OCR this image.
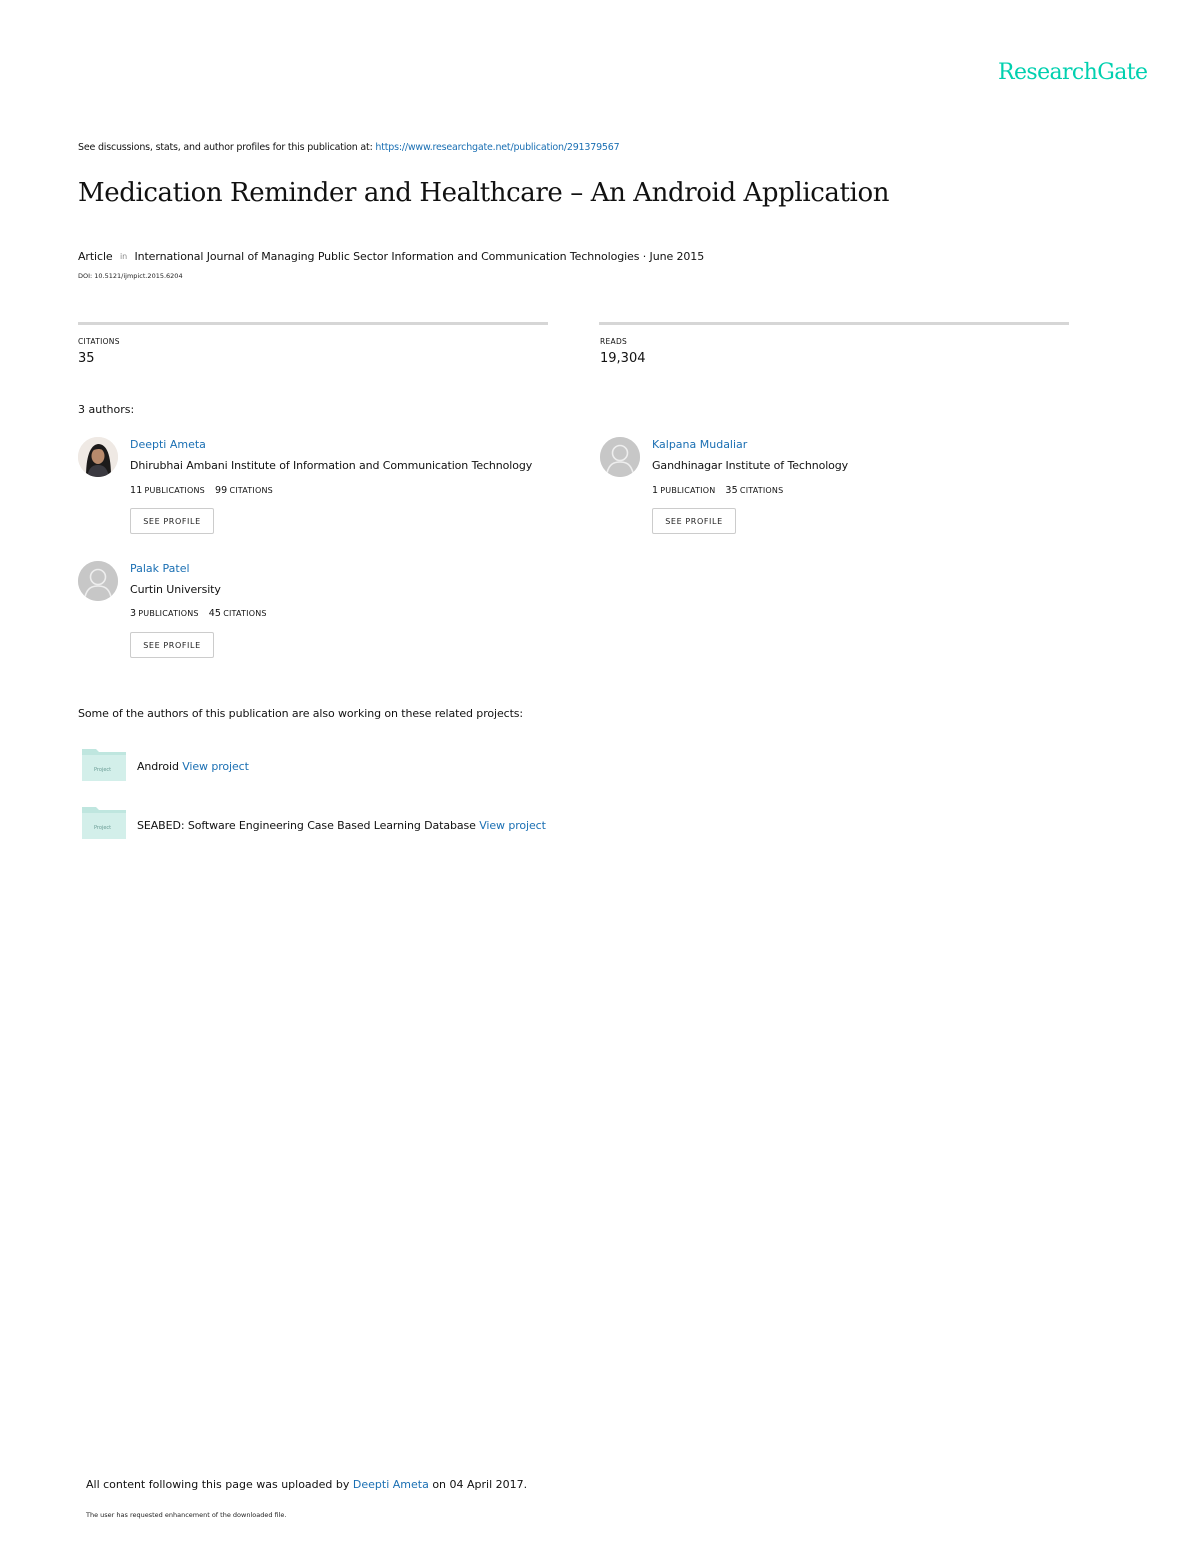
ResearchGate
See discussions, stats, and author profiles for this publication at: https://www.researchgate.net/publication/291379567
Medication Reminder and Healthcare – An Android Application
Article in International Journal of Managing Public Sector Information and Communication Technologies · June 2015
DOI: 10.5121/ijmpict.2015.6204
CITATIONS
35
READS
19,304
3 authors:
Deepti Ameta
Dhirubhai Ambani Institute of Information and Communication Technology
11 PUBLICATIONS 99 CITATIONS
SEE PROFILE
Kalpana Mudaliar
Gandhinagar Institute of Technology
1 PUBLICATION 35 CITATIONS
SEE PROFILE
Palak Patel
Curtin University
3 PUBLICATIONS 45 CITATIONS
SEE PROFILE
Some of the authors of this publication are also working on these related projects:
Project Android View project
Project SEABED: Software Engineering Case Based Learning Database View project
All content following this page was uploaded by Deepti Ameta on 04 April 2017.
The user has requested enhancement of the downloaded file.
